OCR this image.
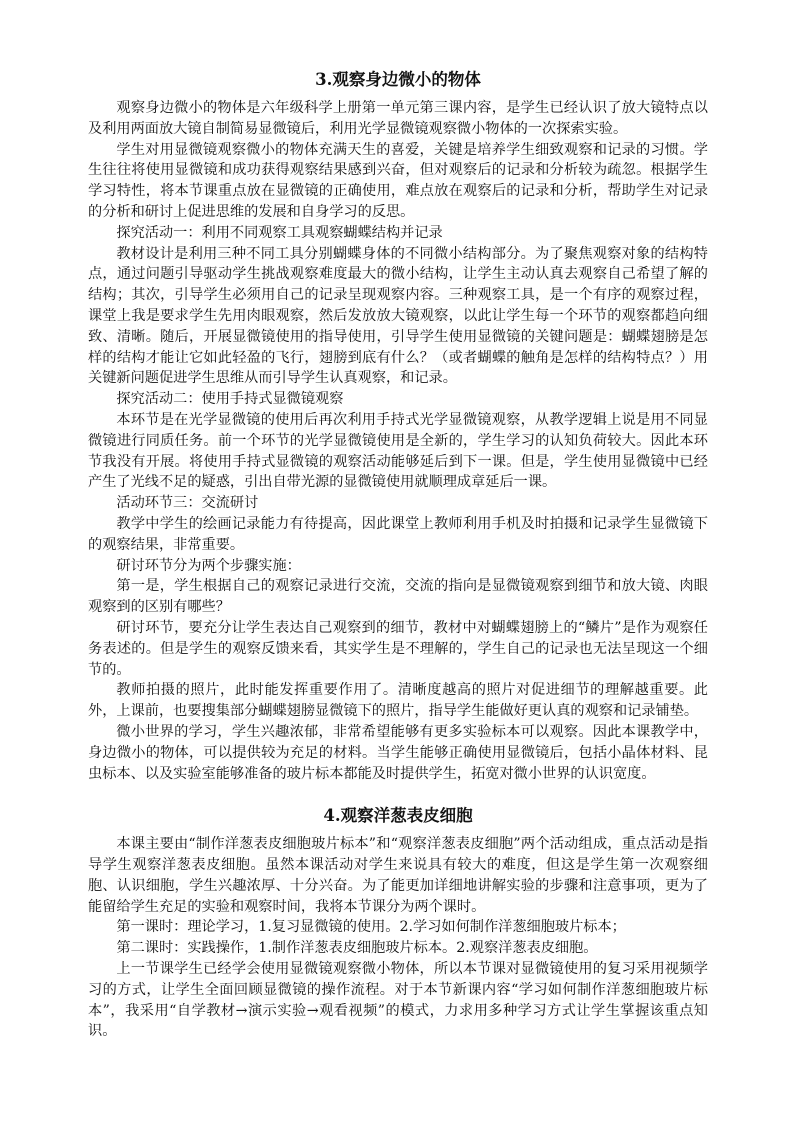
3.观察身边微小的物体

观察身边微小的物体是六年级科学上册第一单元第三课内容，是学生已经认识了放大镜特点以及利用两面放大镜自制简易显微镜后，利用光学显微镜观察微小物体的一次探索实验。

学生对用显微镜观察微小的物体充满天生的喜爱，关键是培养学生细致观察和记录的习惯。学生往往将使用显微镜和成功获得观察结果感到兴奋，但对观察后的记录和分析较为疏忽。根据学生学习特性，将本节课重点放在显微镜的正确使用，难点放在观察后的记录和分析，帮助学生对记录的分析和研讨上促进思维的发展和自身学习的反思。

探究活动一：利用不同观察工具观察蝴蝶结构并记录

教材设计是利用三种不同工具分别蝴蝶身体的不同微小结构部分。为了聚焦观察对象的结构特点，通过问题引导驱动学生挑战观察难度最大的微小结构，让学生主动认真去观察自己希望了解的结构；其次，引导学生必须用自己的记录呈现观察内容。三种观察工具，是一个有序的观察过程，课堂上我是要求学生先用肉眼观察，然后发放放大镜观察，以此让学生每一个环节的观察都趋向细致、清晰。随后，开展显微镜使用的指导使用，引导学生使用显微镜的关键问题是：蝴蝶翅膀是怎样的结构才能让它如此轻盈的飞行，翅膀到底有什么？（或者蝴蝶的触角是怎样的结构特点？）用关键新问题促进学生思维从而引导学生认真观察，和记录。

探究活动二：使用手持式显微镜观察

本环节是在光学显微镜的使用后再次利用手持式光学显微镜观察，从教学逻辑上说是用不同显微镜进行同质任务。前一个环节的光学显微镜使用是全新的，学生学习的认知负荷较大。因此本环节我没有开展。将使用手持式显微镜的观察活动能够延后到下一课。但是，学生使用显微镜中已经产生了光线不足的疑惑，引出自带光源的显微镜使用就顺理成章延后一课。

活动环节三：交流研讨

教学中学生的绘画记录能力有待提高，因此课堂上教师利用手机及时拍摄和记录学生显微镜下的观察结果，非常重要。

研讨环节分为两个步骤实施：

第一是，学生根据自己的观察记录进行交流，交流的指向是显微镜观察到细节和放大镜、肉眼观察到的区别有哪些？

研讨环节，要充分让学生表达自己观察到的细节，教材中对蝴蝶翅膀上的“鳞片”是作为观察任务表述的。但是学生的观察反馈来看，其实学生是不理解的，学生自己的记录也无法呈现这一个细节的。

教师拍摄的照片，此时能发挥重要作用了。清晰度越高的照片对促进细节的理解越重要。此外，上课前，也要搜集部分蝴蝶翅膀显微镜下的照片，指导学生能做好更认真的观察和记录铺垫。

微小世界的学习，学生兴趣浓郁，非常希望能够有更多实验标本可以观察。因此本课教学中，身边微小的物体，可以提供较为充足的材料。当学生能够正确使用显微镜后，包括小晶体材料、昆虫标本、以及实验室能够准备的玻片标本都能及时提供学生，拓宽对微小世界的认识宽度。

4.观察洋葱表皮细胞

本课主要由“制作洋葱表皮细胞玻片标本”和“观察洋葱表皮细胞”两个活动组成，重点活动是指导学生观察洋葱表皮细胞。虽然本课活动对学生来说具有较大的难度，但这是学生第一次观察细胞、认识细胞，学生兴趣浓厚、十分兴奋。为了能更加详细地讲解实验的步骤和注意事项，更为了能留给学生充足的实验和观察时间，我将本节课分为两个课时。

第一课时：理论学习，1.复习显微镜的使用。2.学习如何制作洋葱细胞玻片标本；

第二课时：实践操作，1.制作洋葱表皮细胞玻片标本。2.观察洋葱表皮细胞。

上一节课学生已经学会使用显微镜观察微小物体，所以本节课对显微镜使用的复习采用视频学习的方式，让学生全面回顾显微镜的操作流程。对于本节新课内容“学习如何制作洋葱细胞玻片标本”，我采用“自学教材→演示实验→观看视频”的模式，力求用多种学习方式让学生掌握该重点知识。
